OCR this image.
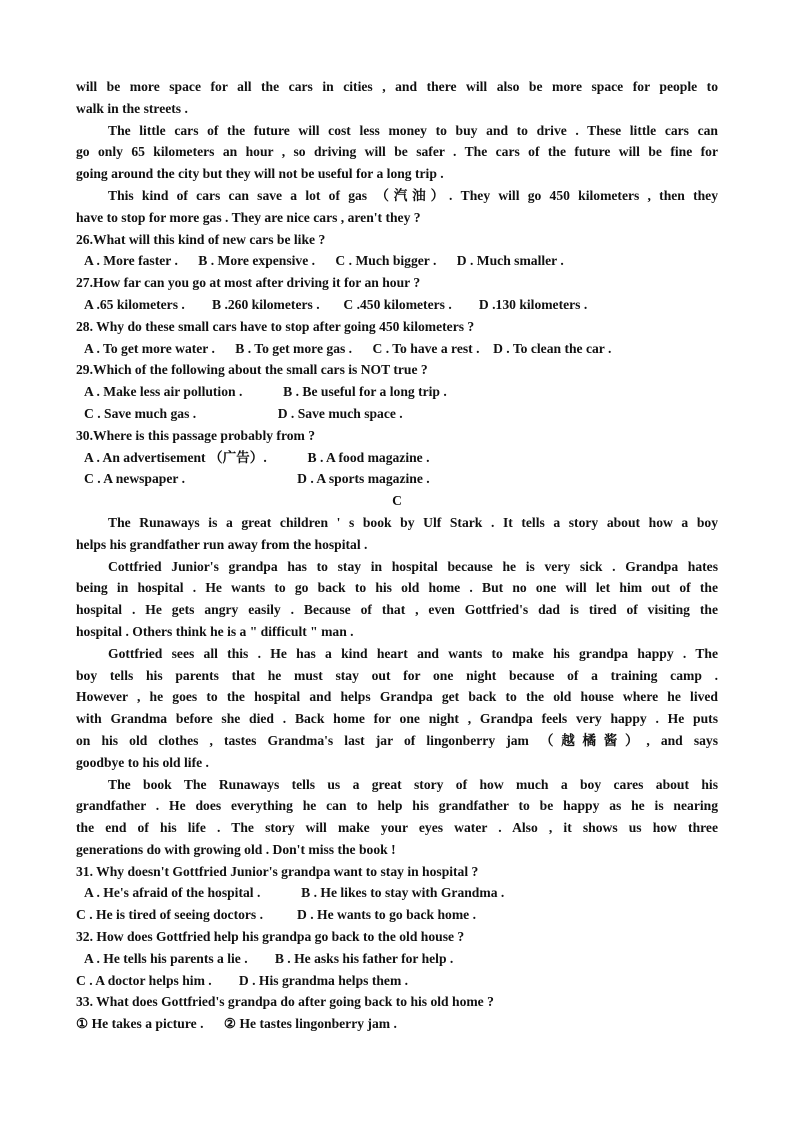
will be more space for all the cars in cities , and there will also be more space for people to
walk in the streets .
The little cars of the future will cost less money to buy and to drive . These little cars can
go only 65 kilometers an hour , so driving will be safer . The cars of the future will be fine for
going around the city but they will not be useful for a long trip .
This kind of cars can save a lot of gas （汽油）. They will go 450 kilometers , then they
have to stop for more gas . They are nice cars , aren't they ?
26.What will this kind of new cars be like ?
A . More faster .      B . More expensive .      C . Much bigger .      D . Much smaller .
27.How far can you go at most after driving it for an hour ?
A .65 kilometers .        B .260 kilometers .       C .450 kilometers .        D .130 kilometers .
28. Why do these small cars have to stop after going 450 kilometers ?
A . To get more water .      B . To get more gas .      C . To have a rest .    D . To clean the car .
29.Which of the following about the small cars is NOT true ?
A . Make less air pollution .            B . Be useful for a long trip .
C . Save much gas .                        D . Save much space .
30.Where is this passage probably from ?
A . An advertisement （广告）.            B . A food magazine .
C . A newspaper .                                 D . A sports magazine .
C
The Runaways is a great children ' s book by Ulf Stark . It tells a story about how a boy
helps his grandfather run away from the hospital .
Cottfried Junior's grandpa has to stay in hospital because he is very sick . Grandpa hates
being in hospital . He wants to go back to his old home . But no one will let him out of the
hospital . He gets angry easily . Because of that , even Gottfried's dad is tired of visiting the
hospital . Others think he is a " difficult " man .
Gottfried sees all this . He has a kind heart and wants to make his grandpa happy . The
boy tells his parents that he must stay out for one night because of a training camp .
However , he goes to the hospital and helps Grandpa get back to the old house where he lived
with Grandma before she died . Back home for one night , Grandpa feels very happy . He puts
on his old clothes , tastes Grandma's last jar of lingonberry jam （越橘酱）, and says
goodbye to his old life .
The book The Runaways tells us a great story of how much a boy cares about his
grandfather . He does everything he can to help his grandfather to be happy as he is nearing
the end of his life . The story will make your eyes water . Also , it shows us how three
generations do with growing old . Don't miss the book !
31. Why doesn't Gottfried Junior's grandpa want to stay in hospital ?
A . He's afraid of the hospital .            B . He likes to stay with Grandma .
C . He is tired of seeing doctors .          D . He wants to go back home .
32. How does Gottfried help his grandpa go back to the old house ?
A . He tells his parents a lie .        B . He asks his father for help .
C . A doctor helps him .        D . His grandma helps them .
33. What does Gottfried's grandpa do after going back to his old home ?
① He takes a picture .      ② He tastes lingonberry jam .
